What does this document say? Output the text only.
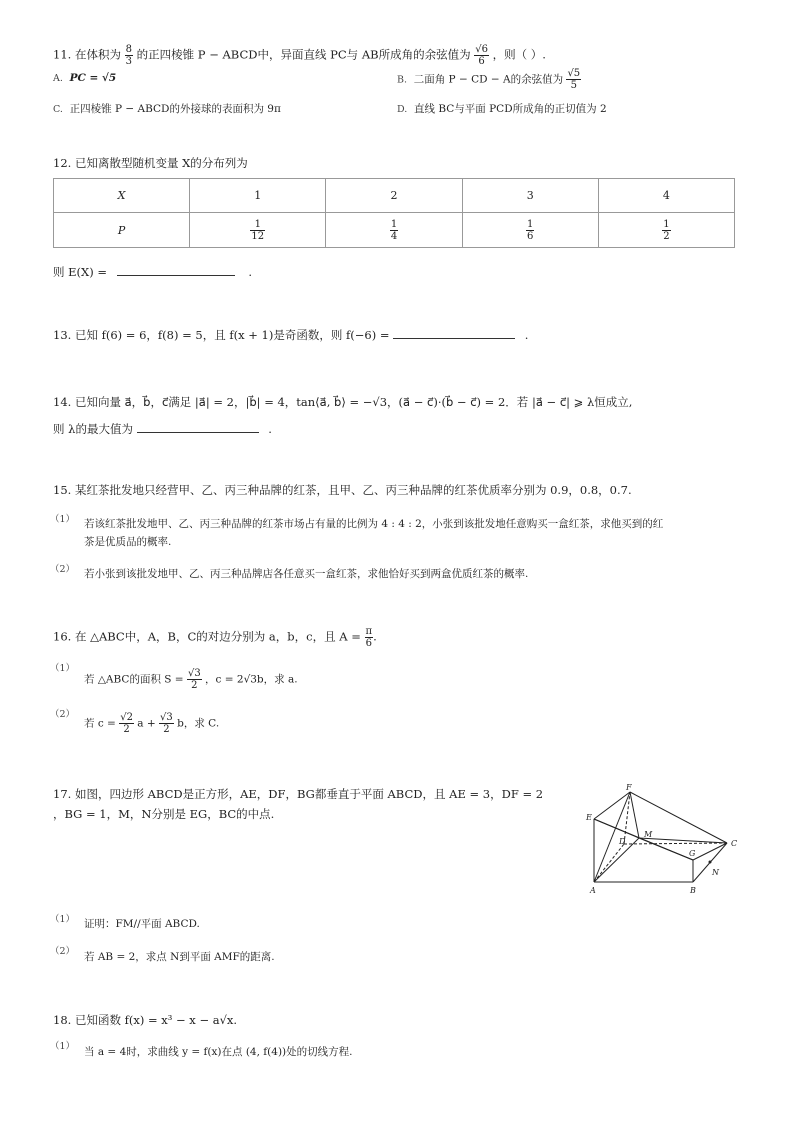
11. 在体积为 $\frac{8}{3}$ 的正四棱锥 P − ABCD中，异面直线 PC与 AB所成角的余弦值为 $\frac{√6}{6}$ ，则（ ）.
A. PC = √5	B. 二面角 P − CD − A的余弦值为 $\frac{√5}{5}$
C. 正四棱锥 P − ABCD的外接球的表面积为 9π	D. 直线 BC与平面 PCD所成角的正切值为 2
12. 已知离散型随机变量 X的分布列为
X	1	2	3	4
P	$\frac{1}{12}$	$\frac{1}{4}$	$\frac{1}{6}$	$\frac{1}{2}$
则 E(X) =	.
13. 已知 f(6) = 6，f(8) = 5，且 f(x + 1)是奇函数，则 f(−6) =	.
14. 已知向量 a⃗，b⃗，c⃗满足 |a⃗| = 2，|b⃗| = 4，tan⟨a⃗, b⃗⟩ = −√3，(a⃗ − c⃗)·(b⃗ − c⃗) = 2．若 |a⃗ − c⃗| ⩾ λ恒成立,
则 λ的最大值为	.
15. 某红茶批发地只经营甲、乙、丙三种品牌的红茶，且甲、乙、丙三种品牌的红茶优质率分别为 0.9，0.8，0.7.
（1） 若该红茶批发地甲、乙、丙三种品牌的红茶市场占有量的比例为 4 : 4 : 2，小张到该批发地任意购买一盒红茶，求他买到的红
茶是优质品的概率.
（2） 若小张到该批发地甲、乙、丙三种品牌店各任意买一盒红茶，求他恰好买到两盒优质红茶的概率.
16. 在 △ABC中，A，B，C的对边分别为 a，b，c，且 $A = \frac{\pi}{6}$ .
（1）
若 △ABC的面积 $S = \frac{√3}{2}$ ，c = 2√3b，求 a.
（2）
若 $c = \frac{√2}{2}$ $a + \frac{√3}{2}$ b，求 C.
17. 如图，四边形 ABCD是正方形，AE，DF，BG都垂直于平面 ABCD，且 AE = 3，DF = 2
，BG = 1，M，N分别是 EG，BC的中点.
F
E
M
D	C
G
N
A	B
（1） 证明：FM//平面 ABCD.
（2） 若 AB = 2，求点 N到平面 AMF的距离.
18. 已知函数 f(x) = x³ − x − a√x.
（1） 当 a = 4时，求曲线 y = f(x)在点 (4, f(4))处的切线方程.
